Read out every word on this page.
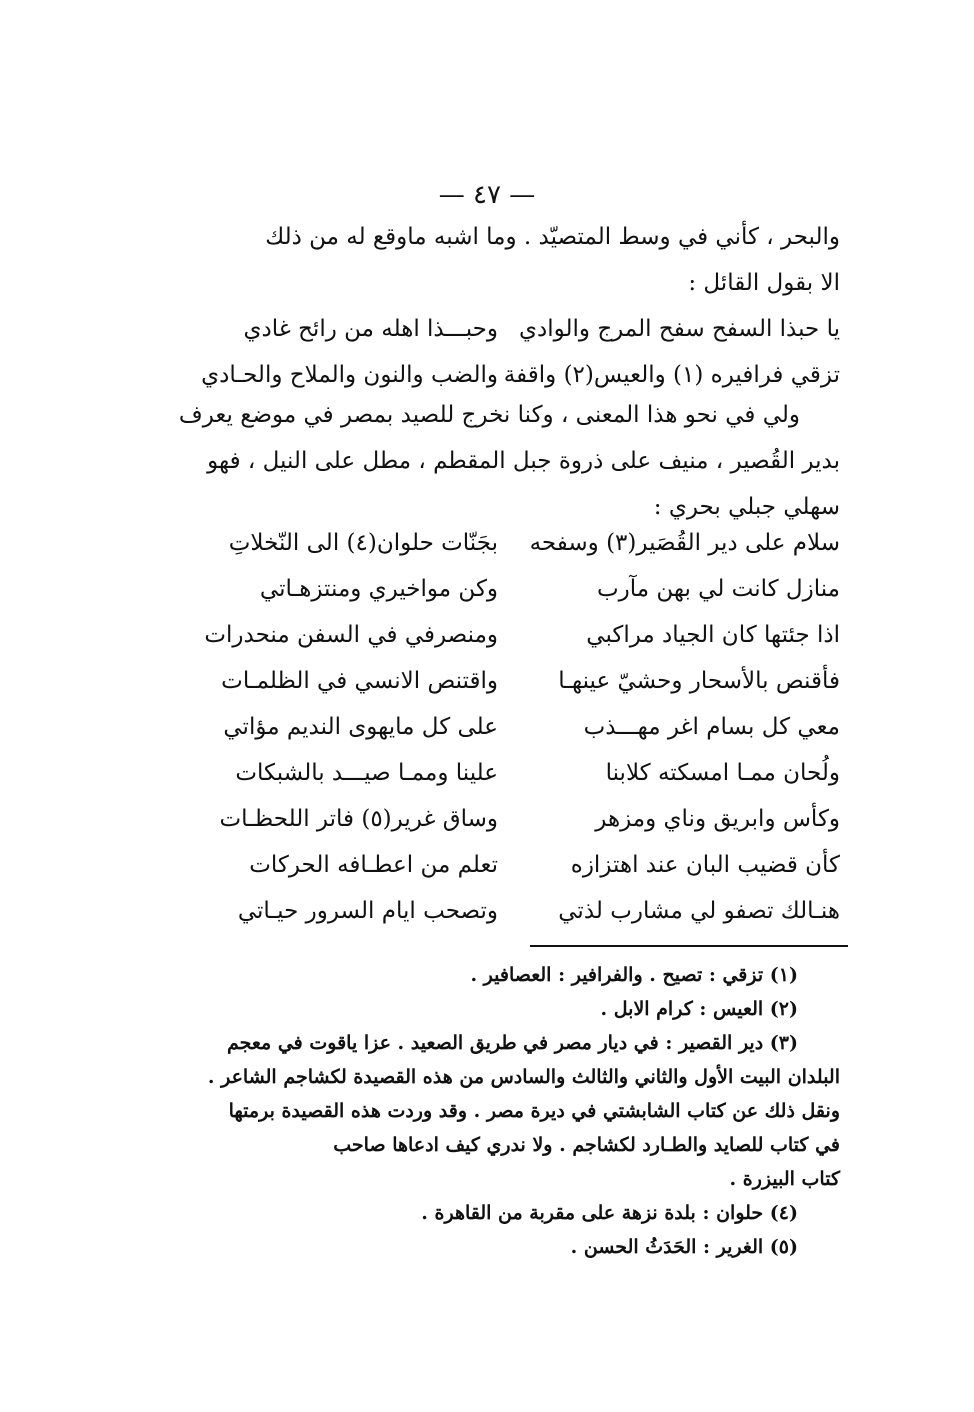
— ٤٧ —
والبحر ، كأني في وسط المتصيّد . وما اشبه ماوقع له من ذلك
الا بقول القائل :
يا حبذا السفح سفح المرج والوادي
وحبـــذا اهله من رائح غادي
تزقي فرافيره (١) والعيس(٢) واقفة
والضب والنون والملاح والحـادي
ولي في نحو هذا المعنى ، وكنا نخرج للصيد بمصر في موضع يعرف
بدير القُصير ، منيف على ذروة جبل المقطم ، مطل على النيل ، فهو
سهلي جبلي بحري :
سلام على دير القُصَير(٣) وسفحه
بجَنّات حلوان(٤) الى النّخلاتِ
منازل كانت لي بهن مآرب
وكن مواخيري ومنتزهـاتي
اذا جئتها كان الجياد مراكبي
ومنصرفي في السفن منحدرات
فأقنص بالأسحار وحشيّ عينهـا
واقتنص الانسي في الظلمـات
معي كل بسام اغر مهـــذب
على كل مايهوى النديم مؤاتي
ولُحان ممـا امسكته كلابنا
علينا وممـا صيـــد بالشبكات
وكأس وابريق وناي ومزهر
وساق غرير(٥) فاتر اللحظـات
كأن قضيب البان عند اهتزازه
تعلم من اعطـافه الحركات
هنـالك تصفو لي مشارب لذتي
وتصحب ايام السرور حيـاتي
(١) تزقي : تصيح . والفرافير : العصافير .
(٢) العيس : كرام الابل .
(٣) دير القصير : في ديار مصر في طريق الصعيد . عزا ياقوت في معجم
البلدان البيت الأول والثاني والثالث والسادس من هذه القصيدة لكشاجم الشاعر .
ونقل ذلك عن كتاب الشابشتي في ديرة مصر . وقد وردت هذه القصيدة برمتها
في كتاب للصايد والطـارد لكشاجم . ولا ندري كيف ادعاها صاحب
كتاب البيزرة .
(٤) حلوان : بلدة نزهة على مقربة من القاهرة .
(٥) الغرير : الحَدَثُ الحسن .
